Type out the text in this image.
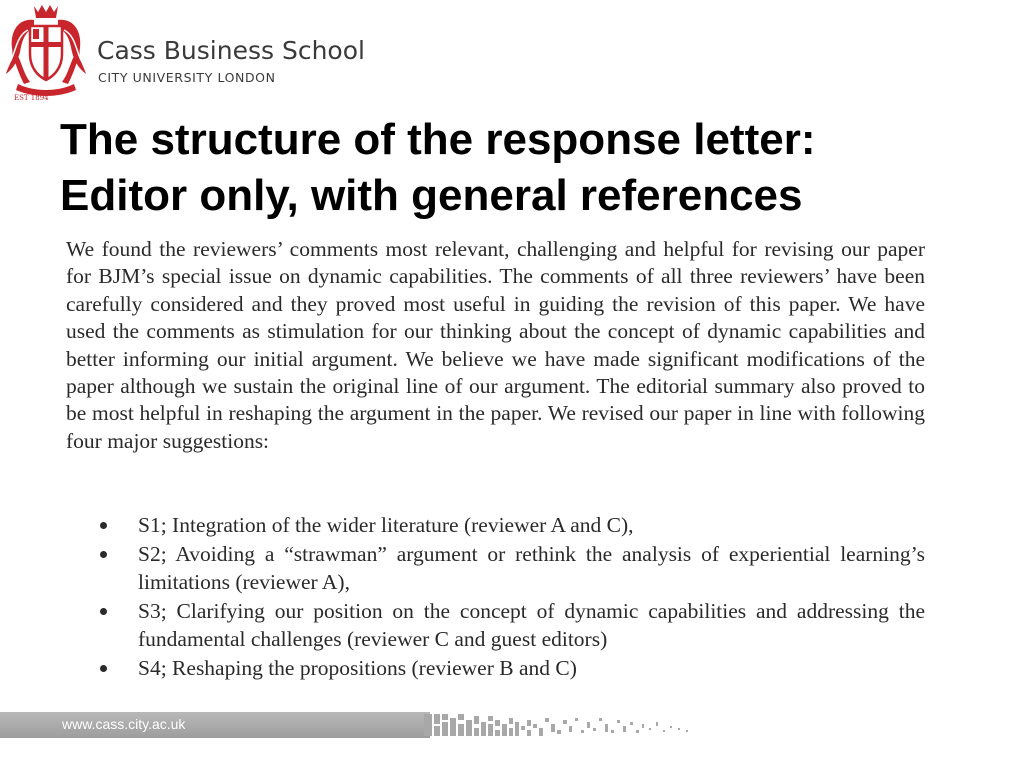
EST 1894
Cass Business School
CITY UNIVERSITY LONDON
The structure of the response letter:
Editor only, with general references
We found the reviewers’ comments most relevant, challenging and helpful for revising our paper for BJM’s special issue on dynamic capabilities. The comments of all three reviewers’ have been carefully considered and they proved most useful in guiding the revision of this paper. We have used the comments as stimulation for our thinking about the concept of dynamic capabilities and better informing our initial argument. We believe we have made significant modifications of the paper although we sustain the original line of our argument. The editorial summary also proved to be most helpful in reshaping the argument in the paper. We revised our paper in line with following four major suggestions:
S1; Integration of the wider literature (reviewer A and C),
S2; Avoiding a “strawman” argument or rethink the analysis of experiential learning’s limitations (reviewer A),
S3; Clarifying our position on the concept of dynamic capabilities and addressing the fundamental challenges (reviewer C and guest editors)
S4; Reshaping the propositions (reviewer B and C)
www.cass.city.ac.uk
